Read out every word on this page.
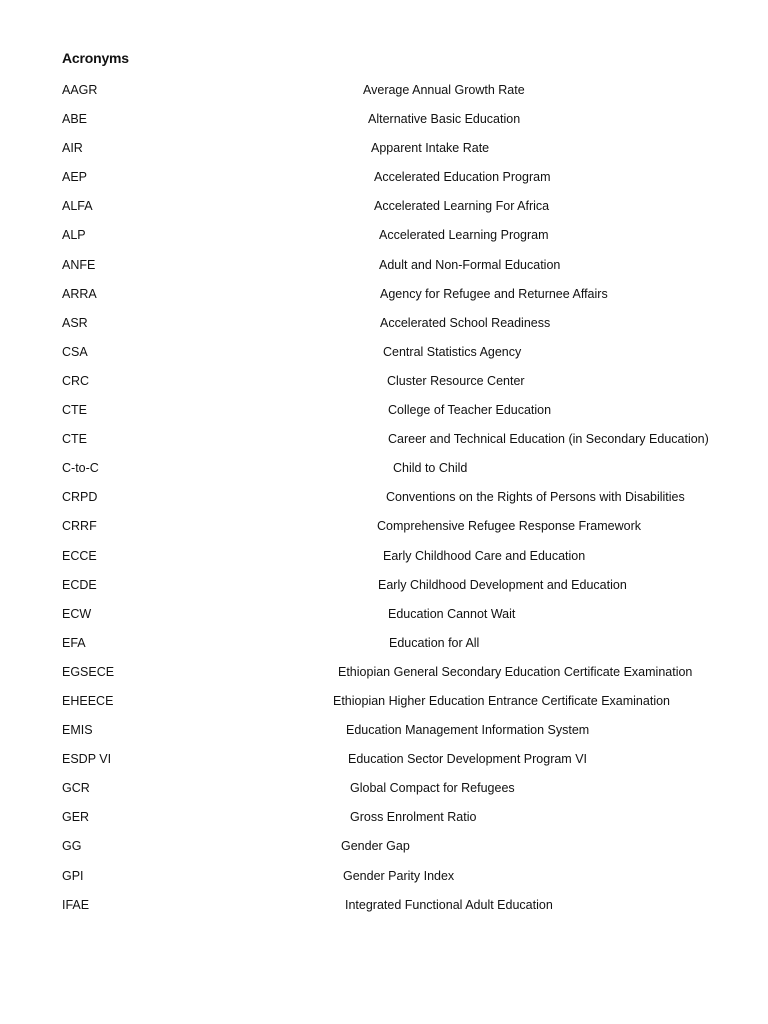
Acronyms
AAGR	Average Annual Growth Rate
ABE	Alternative Basic Education
AIR	Apparent Intake Rate
AEP	Accelerated Education Program
ALFA	Accelerated Learning For Africa
ALP	Accelerated Learning Program
ANFE	Adult and Non-Formal Education
ARRA	Agency for Refugee and Returnee Affairs
ASR	Accelerated School Readiness
CSA	Central Statistics Agency
CRC	Cluster Resource Center
CTE	College of Teacher Education
CTE	Career and Technical Education (in Secondary Education)
C-to-C	Child to Child
CRPD	Conventions on the Rights of Persons with Disabilities
CRRF	Comprehensive Refugee Response Framework
ECCE	Early Childhood Care and Education
ECDE	Early Childhood Development and Education
ECW	Education Cannot Wait
EFA	Education for All
EGSECE	Ethiopian General Secondary Education Certificate Examination
EHEECE	Ethiopian Higher Education Entrance Certificate Examination
EMIS	Education Management Information System
ESDP VI	Education Sector Development Program VI
GCR	Global Compact for Refugees
GER	Gross Enrolment Ratio
GG	Gender Gap
GPI	Gender Parity Index
IFAE	Integrated Functional Adult Education
